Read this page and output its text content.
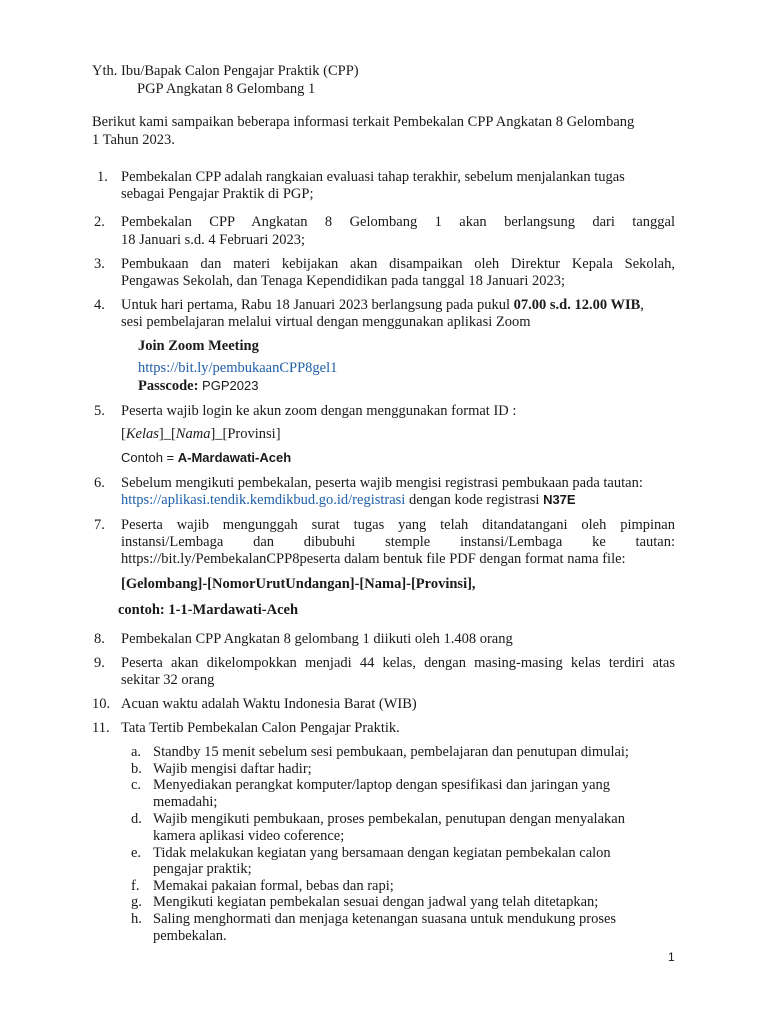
Yth. Ibu/Bapak Calon Pengajar Praktik (CPP)
PGP Angkatan 8 Gelombang 1
Berikut kami sampaikan beberapa informasi terkait Pembekalan CPP Angkatan 8 Gelombang
1 Tahun 2023.
1. Pembekalan CPP adalah rangkaian evaluasi tahap terakhir, sebelum menjalankan tugas
sebagai Pengajar Praktik di PGP;
2. Pembekalan CPP Angkatan 8 Gelombang 1 akan berlangsung dari tanggal
18 Januari s.d. 4 Februari 2023;
3. Pembukaan dan materi kebijakan akan disampaikan oleh Direktur Kepala Sekolah,
Pengawas Sekolah, dan Tenaga Kependidikan pada tanggal 18 Januari 2023;
4. Untuk hari pertama, Rabu 18 Januari 2023 berlangsung pada pukul 07.00 s.d. 12.00 WIB,
sesi pembelajaran melalui virtual dengan menggunakan aplikasi Zoom
Join Zoom Meeting
https://bit.ly/pembukaanCPP8gel1
Passcode: PGP2023
5. Peserta wajib login ke akun zoom dengan menggunakan format ID :
[Kelas]_[Nama]_[Provinsi]
Contoh = A-Mardawati-Aceh
6. Sebelum mengikuti pembekalan, peserta wajib mengisi registrasi pembukaan pada tautan:
https://aplikasi.tendik.kemdikbud.go.id/registrasi dengan kode registrasi N37E
7. Peserta wajib mengunggah surat tugas yang telah ditandatangani oleh pimpinan
instansi/Lembaga dan dibubuhi stemple instansi/Lembaga ke tautan:
https://bit.ly/PembekalanCPP8peserta dalam bentuk file PDF dengan format nama file:
[Gelombang]-[NomorUrutUndangan]-[Nama]-[Provinsi],
contoh: 1-1-Mardawati-Aceh
8. Pembekalan CPP Angkatan 8 gelombang 1 diikuti oleh 1.408 orang
9. Peserta akan dikelompokkan menjadi 44 kelas, dengan masing-masing kelas terdiri atas
sekitar 32 orang
10. Acuan waktu adalah Waktu Indonesia Barat (WIB)
11. Tata Tertib Pembekalan Calon Pengajar Praktik.
a. Standby 15 menit sebelum sesi pembukaan, pembelajaran dan penutupan dimulai;
b. Wajib mengisi daftar hadir;
c. Menyediakan perangkat komputer/laptop dengan spesifikasi dan jaringan yang
memadahi;
d. Wajib mengikuti pembukaan, proses pembekalan, penutupan dengan menyalakan
kamera aplikasi video coference;
e. Tidak melakukan kegiatan yang bersamaan dengan kegiatan pembekalan calon
pengajar praktik;
f. Memakai pakaian formal, bebas dan rapi;
g. Mengikuti kegiatan pembekalan sesuai dengan jadwal yang telah ditetapkan;
h. Saling menghormati dan menjaga ketenangan suasana untuk mendukung proses
pembekalan.
1
